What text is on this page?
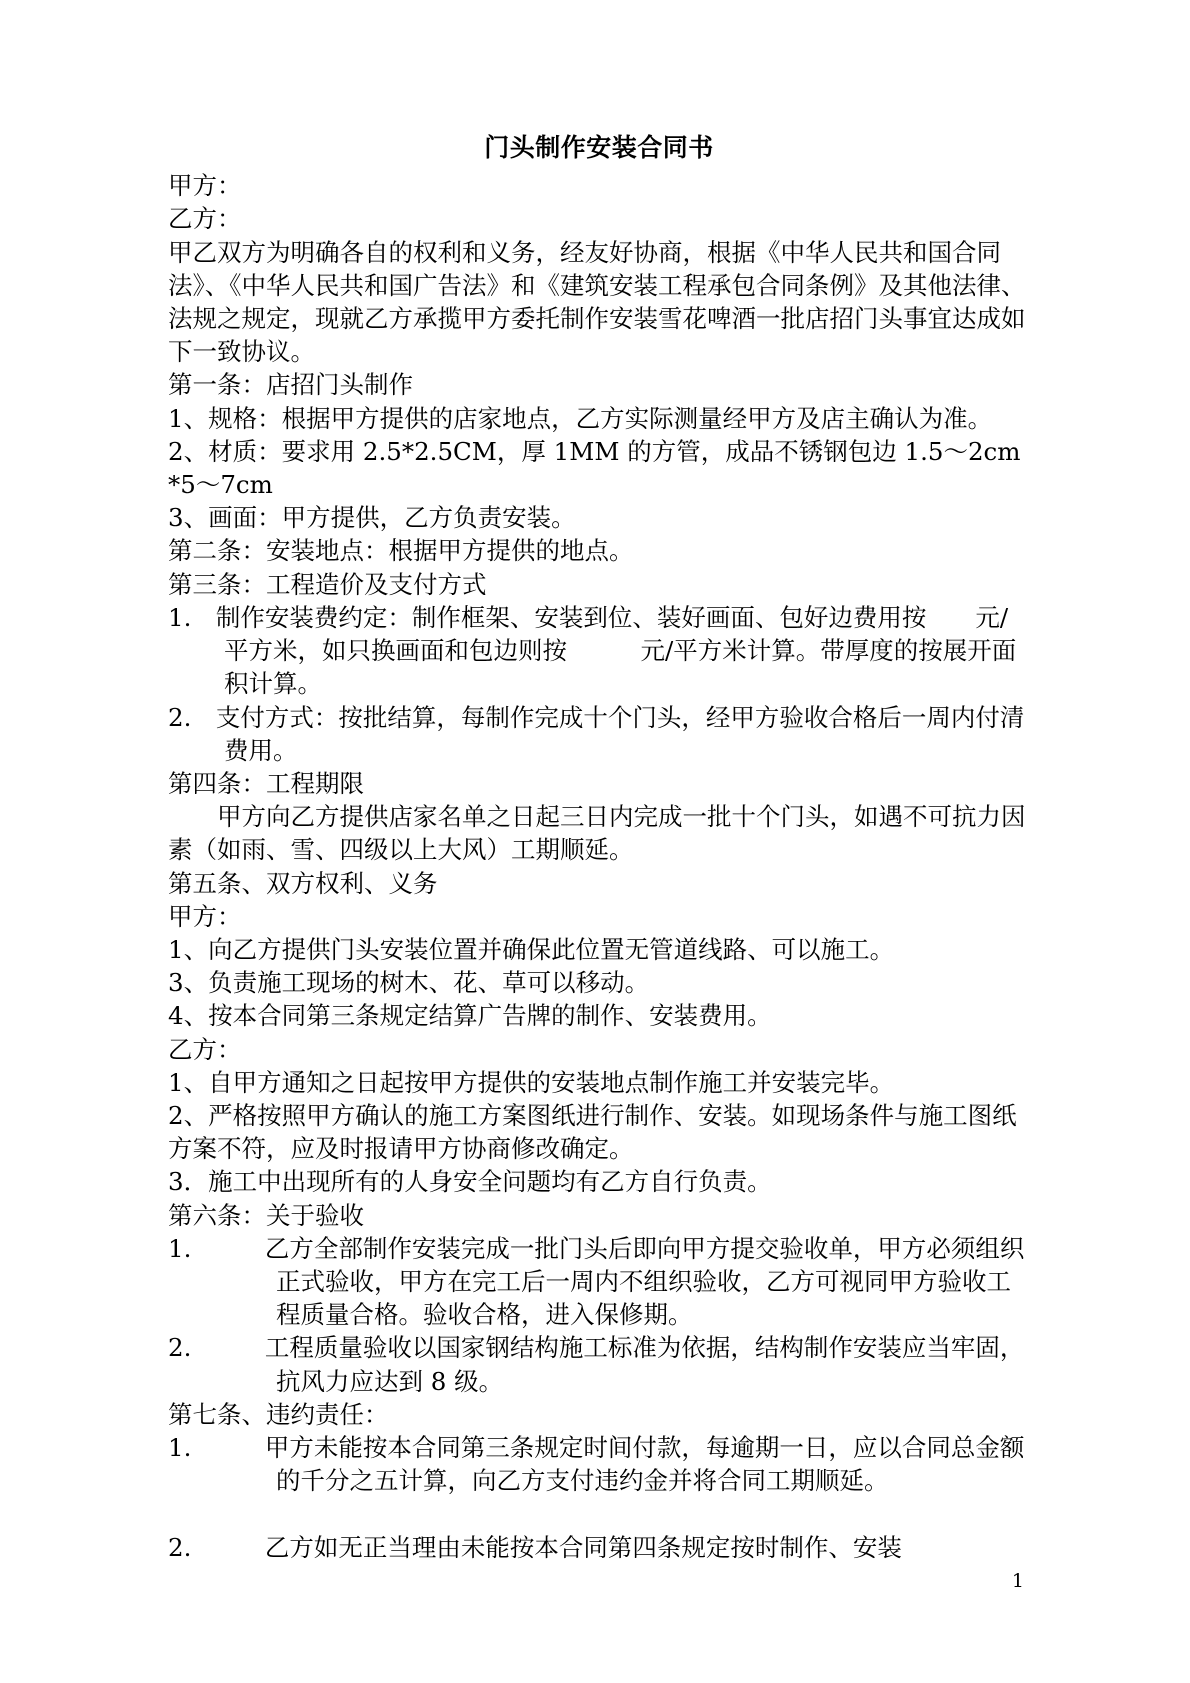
门头制作安装合同书

甲方：

乙方：

甲乙双方为明确各自的权利和义务，经友好协商，根据《中华人民共和国合同法》、《中华人民共和国广告法》和《建筑安装工程承包合同条例》及其他法律、法规之规定，现就乙方承揽甲方委托制作安装雪花啤酒一批店招门头事宜达成如下一致协议。

第一条：店招门头制作

1、规格：根据甲方提供的店家地点，乙方实际测量经甲方及店主确认为准。

2、材质：要求用 2.5*2.5CM，厚 1MM 的方管，成品不锈钢包边 1.5～2cm*5～7cm

3、画面：甲方提供，乙方负责安装。

第二条：安装地点：根据甲方提供的地点。

第三条：工程造价及支付方式

1.　制作安装费约定：制作框架、安装到位、装好画面、包好边费用按　　元/平方米，如只换画面和包边则按　　　元/平方米计算。带厚度的按展开面积计算。

2.　支付方式：按批结算，每制作完成十个门头，经甲方验收合格后一周内付清费用。

第四条：工程期限

甲方向乙方提供店家名单之日起三日内完成一批十个门头，如遇不可抗力因素（如雨、雪、四级以上大风）工期顺延。

第五条、双方权利、义务

甲方：

1、向乙方提供门头安装位置并确保此位置无管道线路、可以施工。

3、负责施工现场的树木、花、草可以移动。

4、按本合同第三条规定结算广告牌的制作、安装费用。

乙方：

1、自甲方通知之日起按甲方提供的安装地点制作施工并安装完毕。

2、严格按照甲方确认的施工方案图纸进行制作、安装。如现场条件与施工图纸方案不符，应及时报请甲方协商修改确定。

3．施工中出现所有的人身安全问题均有乙方自行负责。

第六条：关于验收

1.　　　乙方全部制作安装完成一批门头后即向甲方提交验收单，甲方必须组织正式验收，甲方在完工后一周内不组织验收，乙方可视同甲方验收工程质量合格。验收合格，进入保修期。

2.　　　工程质量验收以国家钢结构施工标准为依据，结构制作安装应当牢固，抗风力应达到 8 级。

第七条、违约责任：

1.　　　甲方未能按本合同第三条规定时间付款，每逾期一日，应以合同总金额的千分之五计算，向乙方支付违约金并将合同工期顺延。

2.　　　乙方如无正当理由未能按本合同第四条规定按时制作、安装

1
